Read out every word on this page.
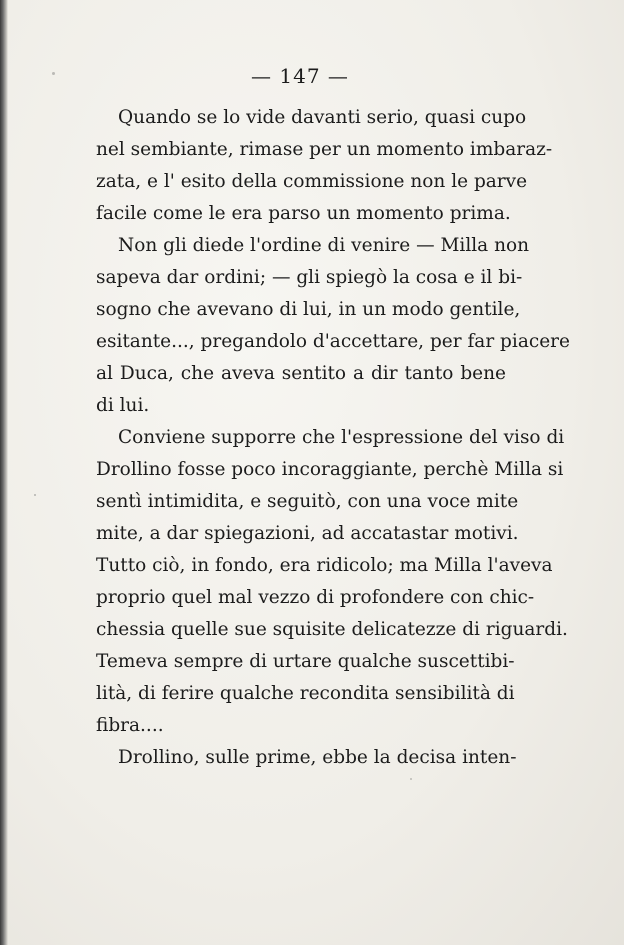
— 147 —
Quando se lo vide davanti serio, quasi cupo
nel sembiante, rimase per un momento imbaraz-
zata, e l' esito della commissione non le parve
facile come le era parso un momento prima.
Non gli diede l'ordine di venire — Milla non
sapeva dar ordini; — gli spiegò la cosa e il bi-
sogno che avevano di lui, in un modo gentile,
esitante..., pregandolo d'accettare, per far piacere
al Duca, che aveva sentito a dir tanto bene
di lui.
Conviene supporre che l'espressione del viso di
Drollino fosse poco incoraggiante, perchè Milla si
sentì intimidita, e seguitò, con una voce mite
mite, a dar spiegazioni, ad accatastar motivi.
Tutto ciò, in fondo, era ridicolo; ma Milla l'aveva
proprio quel mal vezzo di profondere con chic-
chessia quelle sue squisite delicatezze di riguardi.
Temeva sempre di urtare qualche suscettibi-
lità, di ferire qualche recondita sensibilità di
fibra....
Drollino, sulle prime, ebbe la decisa inten-
